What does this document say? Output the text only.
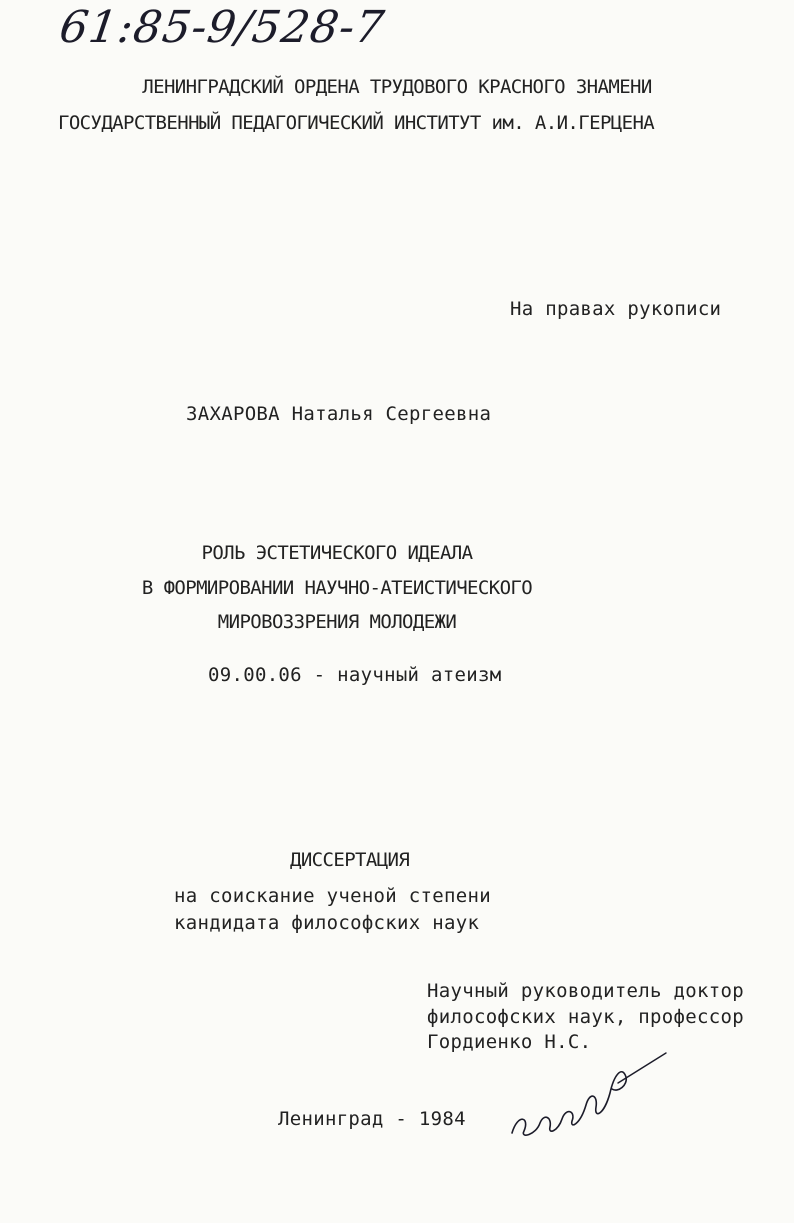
61:85-9/528-7
ЛЕНИНГРАДСКИЙ ОРДЕНА ТРУДОВОГО КРАСНОГО ЗНАМЕНИ
ГОСУДАРСТВЕННЫЙ ПЕДАГОГИЧЕСКИЙ ИНСТИТУТ им. А.И.ГЕРЦЕНА
На правах рукописи
ЗАХАРОВА Наталья Сергеевна
РОЛЬ ЭСТЕТИЧЕСКОГО ИДЕАЛА
В ФОРМИРОВАНИИ НАУЧНО-АТЕИСТИЧЕСКОГО
МИРОВОЗЗРЕНИЯ МОЛОДЕЖИ
09.00.06 - научный атеизм
ДИССЕРТАЦИЯ
на соискание ученой степени
кандидата философских наук
Научный руководитель доктор
философских наук, профессор
Гордиенко Н.С.
Ленинград - 1984
